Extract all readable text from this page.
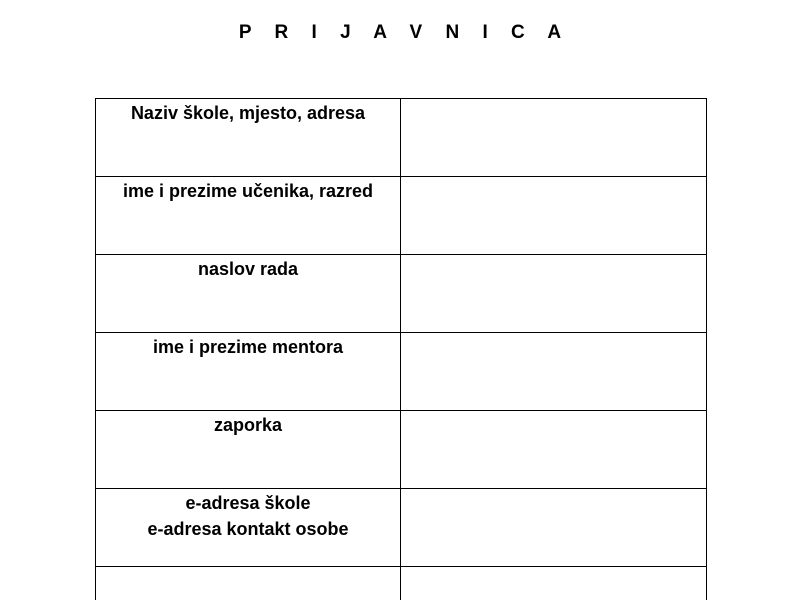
P R I J A V N I C A
Naziv škole, mjesto, adresa	

ime i prezime učenika, razred	

naslov rada	

ime i prezime mentora	

zaporka	

e-adresa škole
e-adresa kontakt osobe	
